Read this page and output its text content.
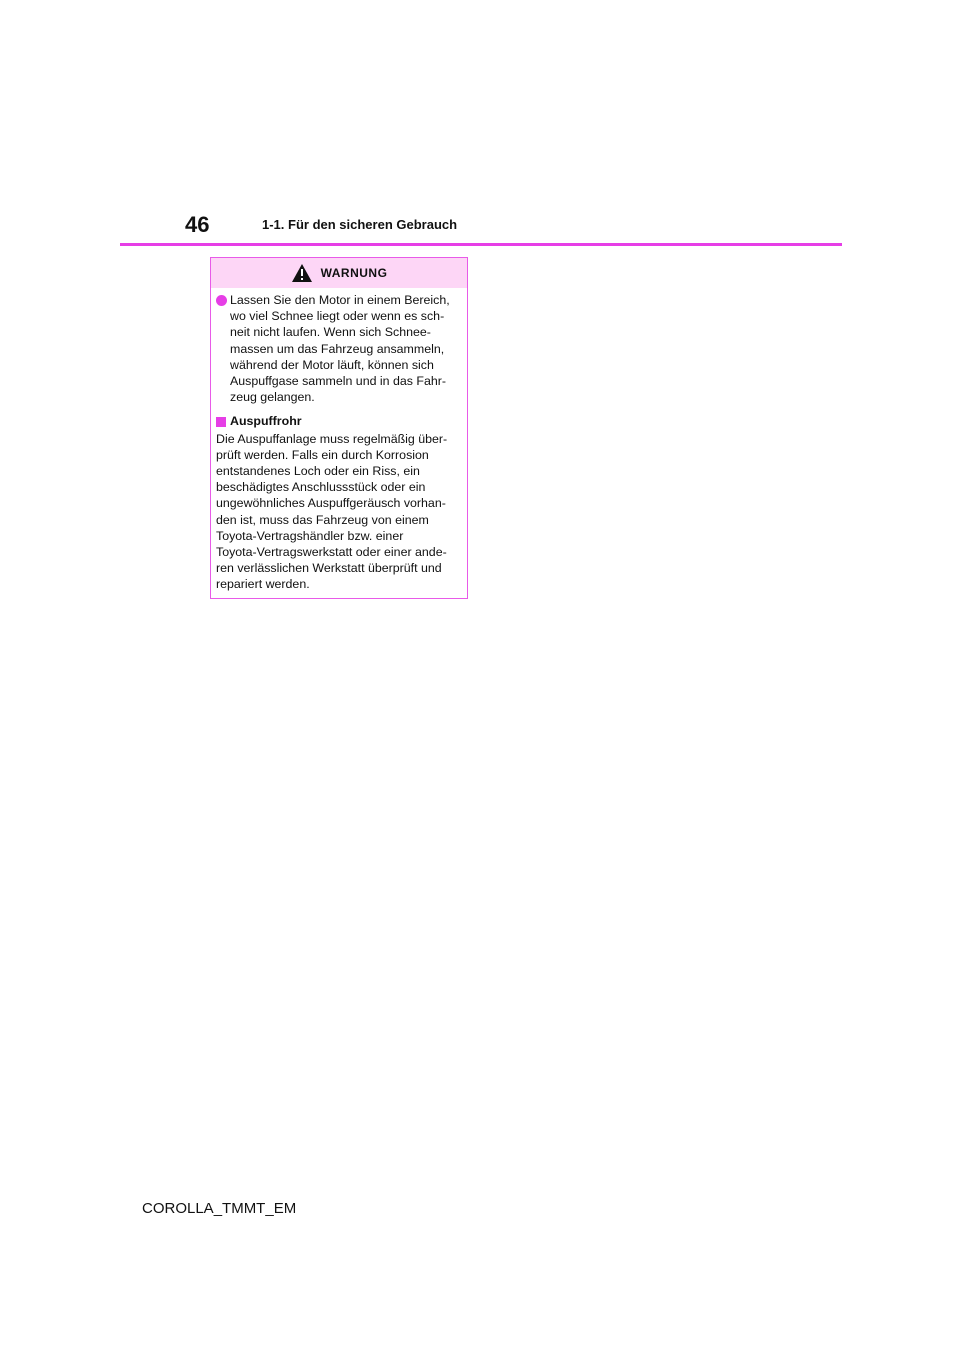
46	1-1. Für den sicheren Gebrauch
WARNUNG
Lassen Sie den Motor in einem Bereich,
wo viel Schnee liegt oder wenn es sch-
neit nicht laufen. Wenn sich Schnee-
massen um das Fahrzeug ansammeln,
während der Motor läuft, können sich
Auspuffgase sammeln und in das Fahr-
zeug gelangen.
Auspuffrohr
Die Auspuffanlage muss regelmäßig über-
prüft werden. Falls ein durch Korrosion
entstandenes Loch oder ein Riss, ein
beschädigtes Anschlussstück oder ein
ungewöhnliches Auspuffgeräusch vorhan-
den ist, muss das Fahrzeug von einem
Toyota-Vertragshändler bzw. einer
Toyota-Vertragswerkstatt oder einer ande-
ren verlässlichen Werkstatt überprüft und
repariert werden.
COROLLA_TMMT_EM
